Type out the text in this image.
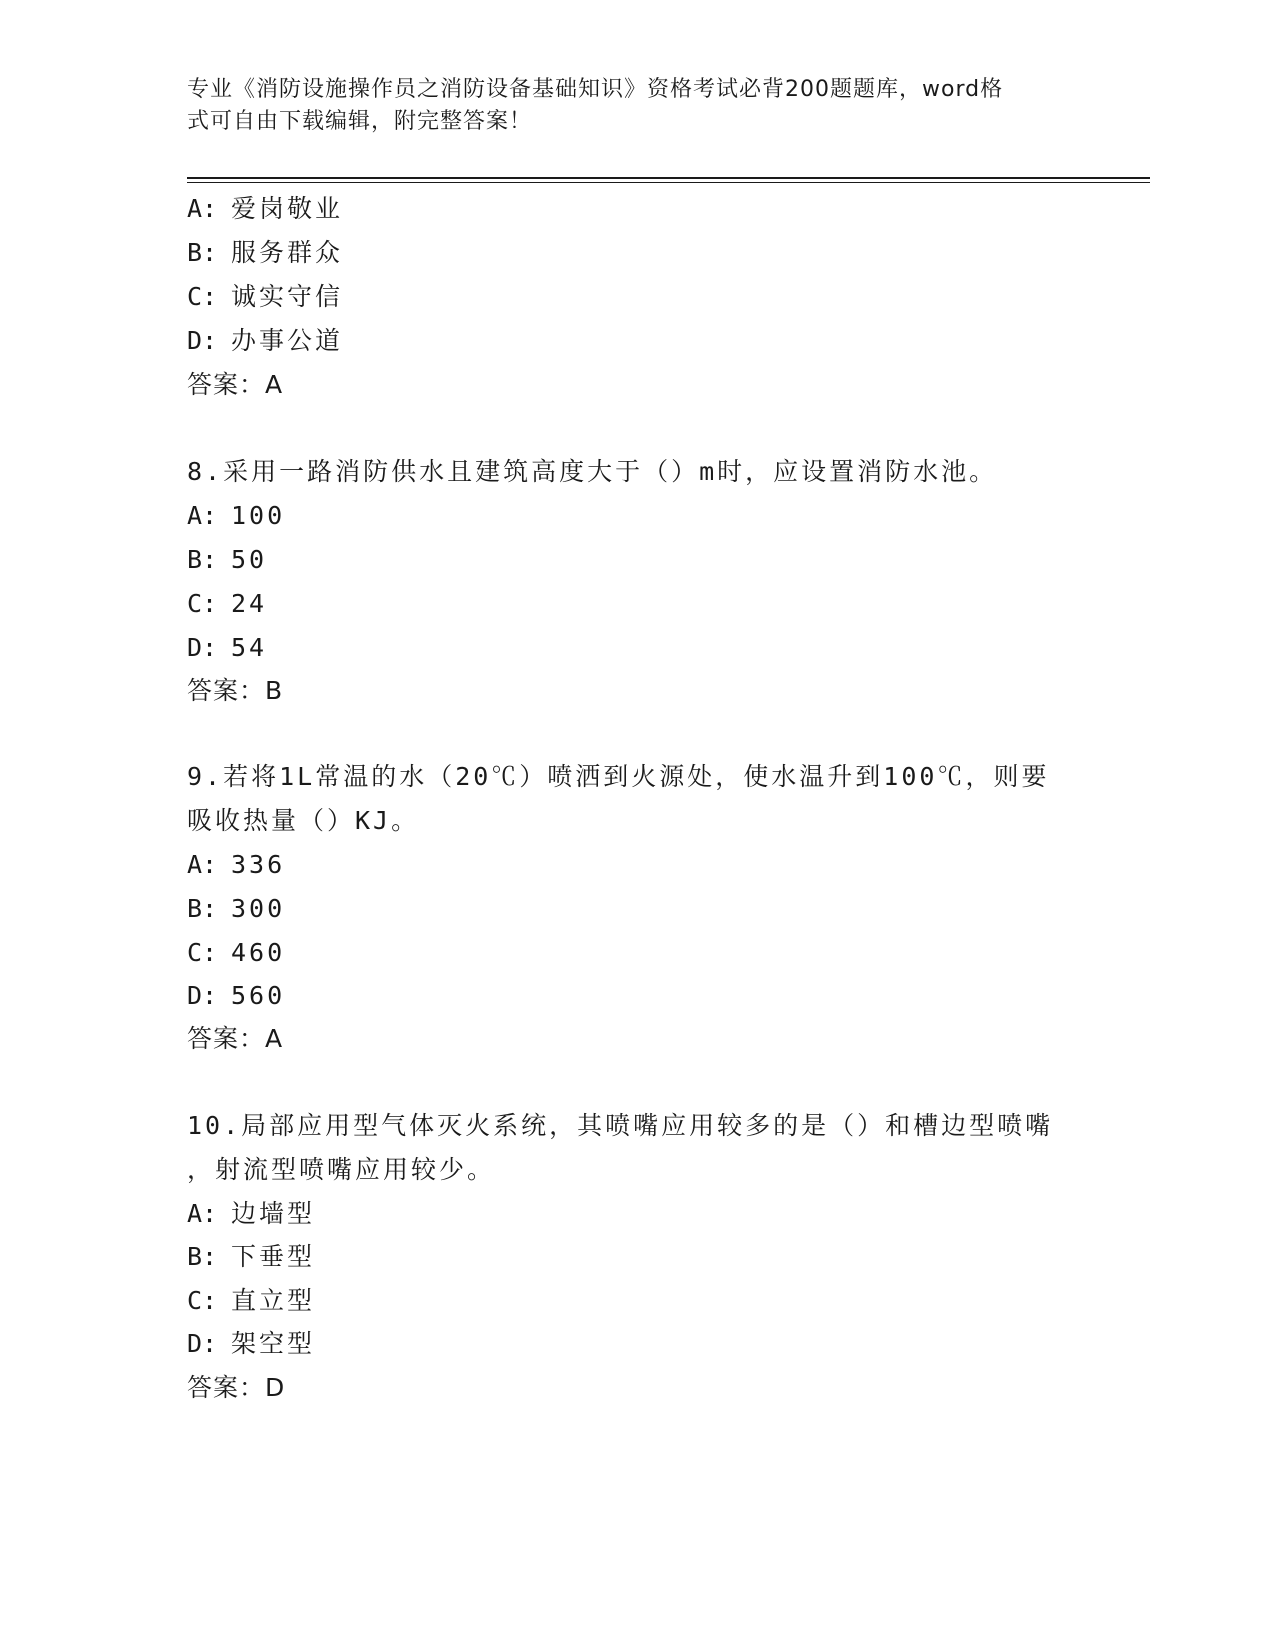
专业《消防设施操作员之消防设备基础知识》资格考试必背200题题库，word格
式可自由下载编辑，附完整答案！
A: 爱岗敬业
B: 服务群众
C: 诚实守信
D: 办事公道
答案：A
8.采用一路消防供水且建筑高度大于（）m时，应设置消防水池。
A: 100
B: 50
C: 24
D: 54
答案：B
9.若将1L常温的水（20℃）喷洒到火源处，使水温升到100℃，则要
吸收热量（）KJ。
A: 336
B: 300
C: 460
D: 560
答案：A
10.局部应用型气体灭火系统，其喷嘴应用较多的是（）和槽边型喷嘴
，射流型喷嘴应用较少。
A: 边墙型
B: 下垂型
C: 直立型
D: 架空型
答案：D
